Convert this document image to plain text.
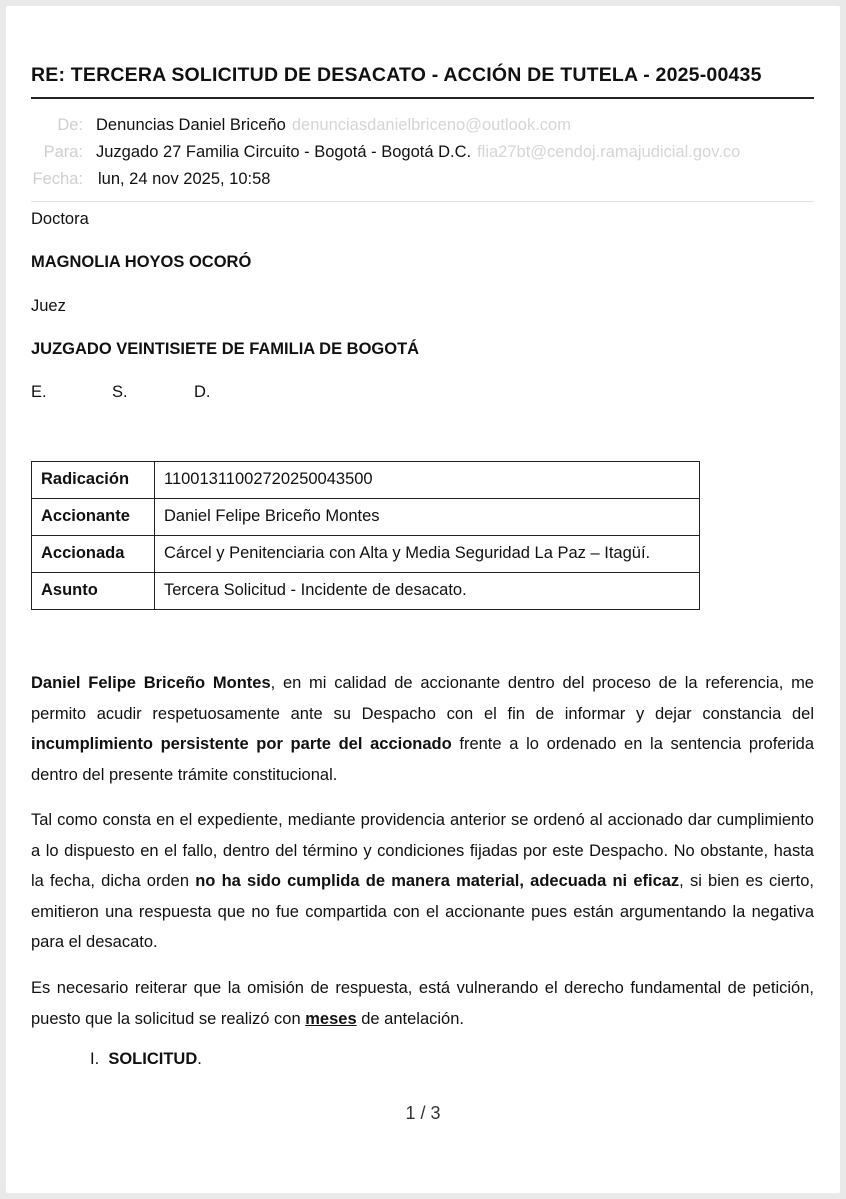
RE: TERCERA SOLICITUD DE DESACATO - ACCIÓN DE TUTELA - 2025-00435
De: Denuncias Daniel Briceño denunciasdanielbriceno@outlook.com
Para: Juzgado 27 Familia Circuito - Bogotá - Bogotá D.C. flia27bt@cendoj.ramajudicial.gov.co
Fecha: lun, 24 nov 2025, 10:58
Doctora
MAGNOLIA HOYOS OCORÓ
Juez
JUZGADO VEINTISIETE DE FAMILIA DE BOGOTÁ
E.	S.	D.
Radicación	11001311002720250043500
Accionante	Daniel Felipe Briceño Montes
Accionada	Cárcel y Penitenciaria con Alta y Media Seguridad La Paz – Itagüí.
Asunto	Tercera Solicitud - Incidente de desacato.

Daniel Felipe Briceño Montes, en mi calidad de accionante dentro del proceso de la referencia, me permito acudir respetuosamente ante su Despacho con el fin de informar y dejar constancia del incumplimiento persistente por parte del accionado frente a lo ordenado en la sentencia proferida dentro del presente trámite constitucional.

Tal como consta en el expediente, mediante providencia anterior se ordenó al accionado dar cumplimiento a lo dispuesto en el fallo, dentro del término y condiciones fijadas por este Despacho. No obstante, hasta la fecha, dicha orden no ha sido cumplida de manera material, adecuada ni eficaz, si bien es cierto, emitieron una respuesta que no fue compartida con el accionante pues están argumentando la negativa para el desacato.

Es necesario reiterar que la omisión de respuesta, está vulnerando el derecho fundamental de petición, puesto que la solicitud se realizó con meses de antelación.

I. SOLICITUD.
1 / 3
